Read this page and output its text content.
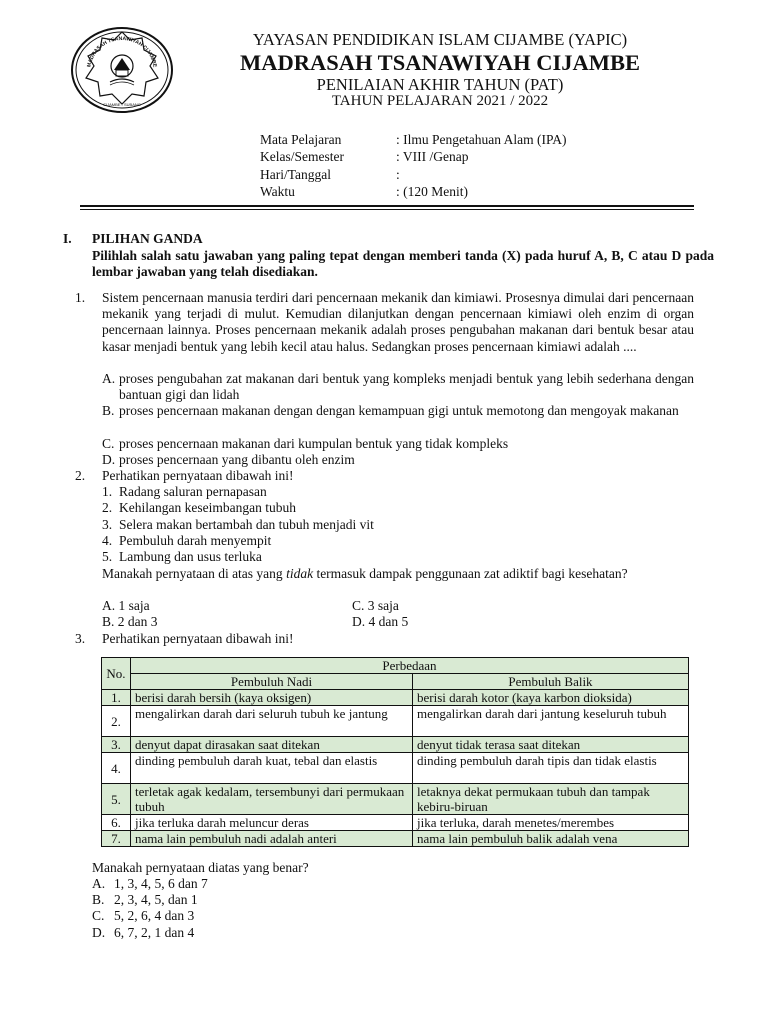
MADRASAH TSANAWIYAH CIJAMBE
CIJAMBE - SUBANG
YAYASAN PENDIDIKAN ISLAM CIJAMBE (YAPIC)
MADRASAH TSANAWIYAH CIJAMBE
PENILAIAN AKHIR TAHUN (PAT)
TAHUN PELAJARAN 2021 / 2022
Mata Pelajaran	: Ilmu Pengetahuan Alam (IPA)
Kelas/Semester	: VIII /Genap
Hari/Tanggal	:
Waktu	: (120 Menit)
I. PILIHAN GANDA
Pilihlah salah satu jawaban yang paling tepat dengan memberi tanda (X) pada huruf A, B, C atau D pada lembar jawaban yang telah disediakan.
1. Sistem pencernaan manusia terdiri dari pencernaan mekanik dan kimiawi. Prosesnya dimulai dari pencernaan mekanik yang terjadi di mulut. Kemudian dilanjutkan dengan pencernaan kimiawi oleh enzim di organ pencernaan lainnya. Proses pencernaan mekanik adalah proses pengubahan makanan dari bentuk besar atau kasar menjadi bentuk yang lebih kecil atau halus. Sedangkan proses pencernaan kimiawi adalah ....
A. proses pengubahan zat makanan dari bentuk yang kompleks menjadi bentuk yang lebih sederhana dengan bantuan gigi dan lidah
B. proses pencernaan makanan dengan dengan kemampuan gigi untuk memotong dan mengoyak makanan
C. proses pencernaan makanan dari kumpulan bentuk yang tidak kompleks
D. proses pencernaan yang dibantu oleh enzim
2. Perhatikan pernyataan dibawah ini!
1. Radang saluran pernapasan
2. Kehilangan keseimbangan tubuh
3. Selera makan bertambah dan tubuh menjadi vit
4. Pembuluh darah menyempit
5. Lambung dan usus terluka
Manakah pernyataan di atas yang tidak termasuk dampak penggunaan zat adiktif bagi kesehatan?
A. 1 saja	C. 3 saja
B. 2 dan 3	D. 4 dan 5
3. Perhatikan pernyataan dibawah ini!
No.	Perbedaan	
	Pembuluh Nadi	Pembuluh Balik
1.	berisi darah bersih (kaya oksigen)	berisi darah kotor (kaya karbon dioksida)
2.	mengalirkan darah dari seluruh tubuh ke jantung	mengalirkan darah dari jantung keseluruh tubuh
3.	denyut dapat dirasakan saat ditekan	denyut tidak terasa saat ditekan
4.	dinding pembuluh darah kuat, tebal dan elastis	dinding pembuluh darah tipis dan tidak elastis
5.	terletak agak kedalam, tersembunyi dari permukaan tubuh	letaknya dekat permukaan tubuh dan tampak kebiru-biruan
6.	jika terluka darah meluncur deras	jika terluka, darah menetes/merembes
7.	nama lain pembuluh nadi adalah anteri	nama lain pembuluh balik adalah vena
Manakah pernyataan diatas yang benar?
A. 1, 3, 4, 5, 6 dan 7
B. 2, 3, 4, 5, dan 1
C. 5, 2, 6, 4 dan 3
D. 6, 7, 2, 1 dan 4
